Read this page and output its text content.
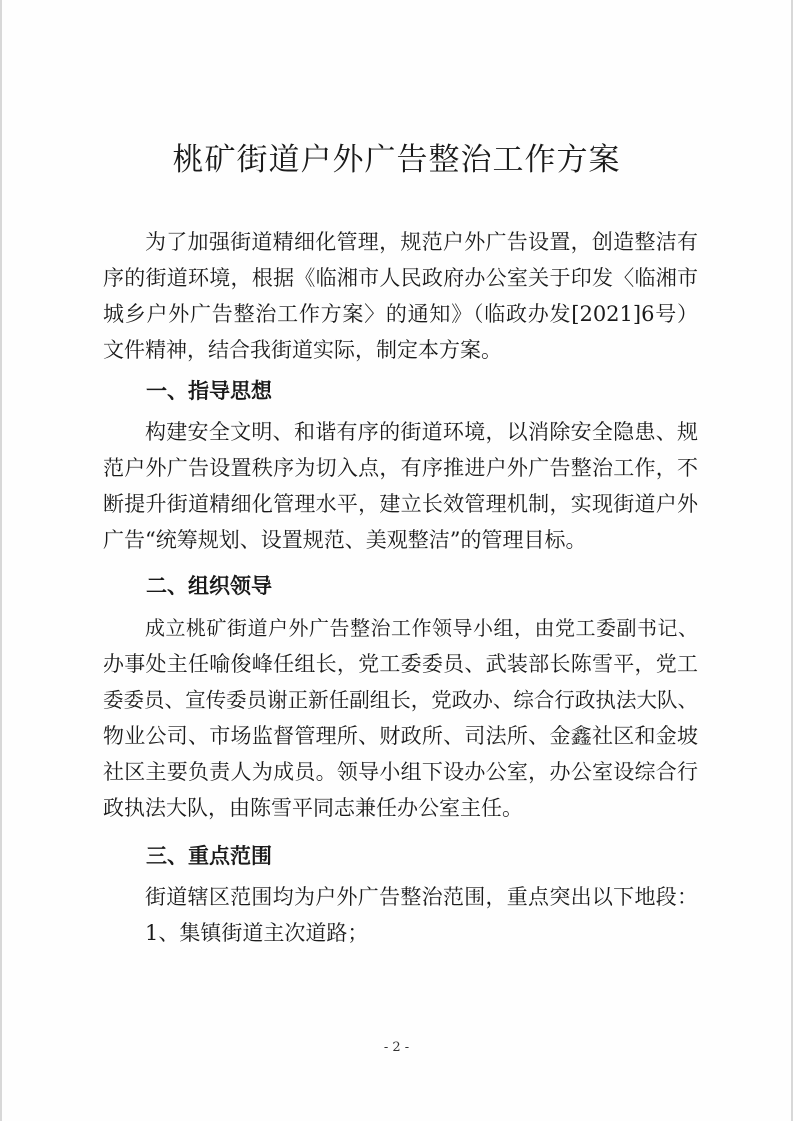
桃矿街道户外广告整治工作方案
为了加强街道精细化管理，规范户外广告设置，创造整洁有
序的街道环境，根据《临湘市人民政府办公室关于印发〈临湘市
城乡户外广告整治工作方案〉的通知》（临政办发[2021]6号）
文件精神，结合我街道实际，制定本方案。
一、指导思想
构建安全文明、和谐有序的街道环境，以消除安全隐患、规
范户外广告设置秩序为切入点，有序推进户外广告整治工作，不
断提升街道精细化管理水平，建立长效管理机制，实现街道户外
广告“统筹规划、设置规范、美观整洁”的管理目标。
二、组织领导
成立桃矿街道户外广告整治工作领导小组，由党工委副书记、
办事处主任喻俊峰任组长，党工委委员、武装部长陈雪平，党工
委委员、宣传委员谢正新任副组长，党政办、综合行政执法大队、
物业公司、市场监督管理所、财政所、司法所、金鑫社区和金坡
社区主要负责人为成员。领导小组下设办公室，办公室设综合行
政执法大队，由陈雪平同志兼任办公室主任。
三、重点范围
街道辖区范围均为户外广告整治范围，重点突出以下地段：
1、集镇街道主次道路；
- 2 -
